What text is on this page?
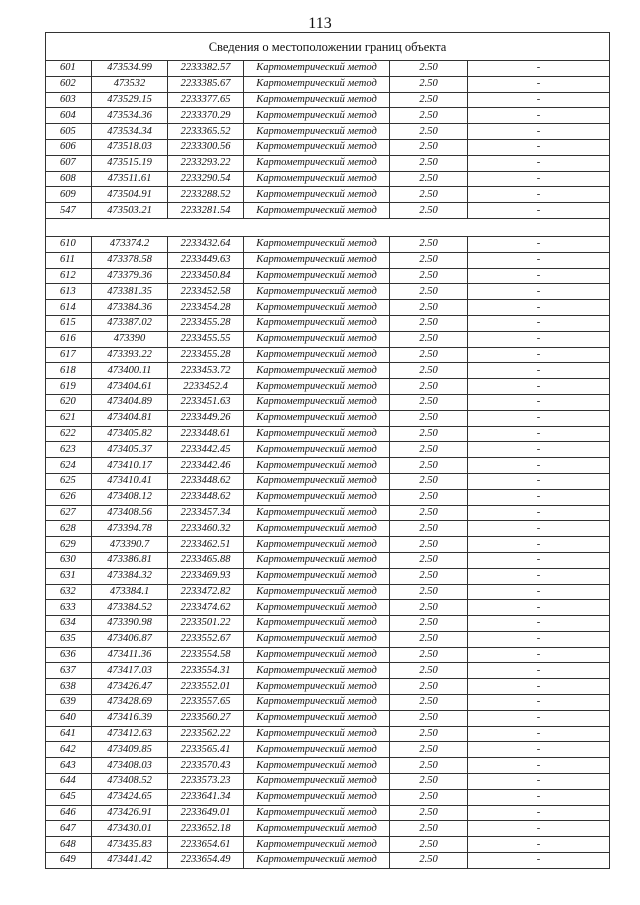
113
Сведения о местоположении границ объекта					
601	473534.99	2233382.57	Картометрический метод	2.50	-
602	473532	2233385.67	Картометрический метод	2.50	-
603	473529.15	2233377.65	Картометрический метод	2.50	-
604	473534.36	2233370.29	Картометрический метод	2.50	-
605	473534.34	2233365.52	Картометрический метод	2.50	-
606	473518.03	2233300.56	Картометрический метод	2.50	-
607	473515.19	2233293.22	Картометрический метод	2.50	-
608	473511.61	2233290.54	Картометрический метод	2.50	-
609	473504.91	2233288.52	Картометрический метод	2.50	-
547	473503.21	2233281.54	Картометрический метод	2.50	-

610	473374.2	2233432.64	Картометрический метод	2.50	-
611	473378.58	2233449.63	Картометрический метод	2.50	-
612	473379.36	2233450.84	Картометрический метод	2.50	-
613	473381.35	2233452.58	Картометрический метод	2.50	-
614	473384.36	2233454.28	Картометрический метод	2.50	-
615	473387.02	2233455.28	Картометрический метод	2.50	-
616	473390	2233455.55	Картометрический метод	2.50	-
617	473393.22	2233455.28	Картометрический метод	2.50	-
618	473400.11	2233453.72	Картометрический метод	2.50	-
619	473404.61	2233452.4	Картометрический метод	2.50	-
620	473404.89	2233451.63	Картометрический метод	2.50	-
621	473404.81	2233449.26	Картометрический метод	2.50	-
622	473405.82	2233448.61	Картометрический метод	2.50	-
623	473405.37	2233442.45	Картометрический метод	2.50	-
624	473410.17	2233442.46	Картометрический метод	2.50	-
625	473410.41	2233448.62	Картометрический метод	2.50	-
626	473408.12	2233448.62	Картометрический метод	2.50	-
627	473408.56	2233457.34	Картометрический метод	2.50	-
628	473394.78	2233460.32	Картометрический метод	2.50	-
629	473390.7	2233462.51	Картометрический метод	2.50	-
630	473386.81	2233465.88	Картометрический метод	2.50	-
631	473384.32	2233469.93	Картометрический метод	2.50	-
632	473384.1	2233472.82	Картометрический метод	2.50	-
633	473384.52	2233474.62	Картометрический метод	2.50	-
634	473390.98	2233501.22	Картометрический метод	2.50	-
635	473406.87	2233552.67	Картометрический метод	2.50	-
636	473411.36	2233554.58	Картометрический метод	2.50	-
637	473417.03	2233554.31	Картометрический метод	2.50	-
638	473426.47	2233552.01	Картометрический метод	2.50	-
639	473428.69	2233557.65	Картометрический метод	2.50	-
640	473416.39	2233560.27	Картометрический метод	2.50	-
641	473412.63	2233562.22	Картометрический метод	2.50	-
642	473409.85	2233565.41	Картометрический метод	2.50	-
643	473408.03	2233570.43	Картометрический метод	2.50	-
644	473408.52	2233573.23	Картометрический метод	2.50	-
645	473424.65	2233641.34	Картометрический метод	2.50	-
646	473426.91	2233649.01	Картометрический метод	2.50	-
647	473430.01	2233652.18	Картометрический метод	2.50	-
648	473435.83	2233654.61	Картометрический метод	2.50	-
649	473441.42	2233654.49	Картометрический метод	2.50	-
